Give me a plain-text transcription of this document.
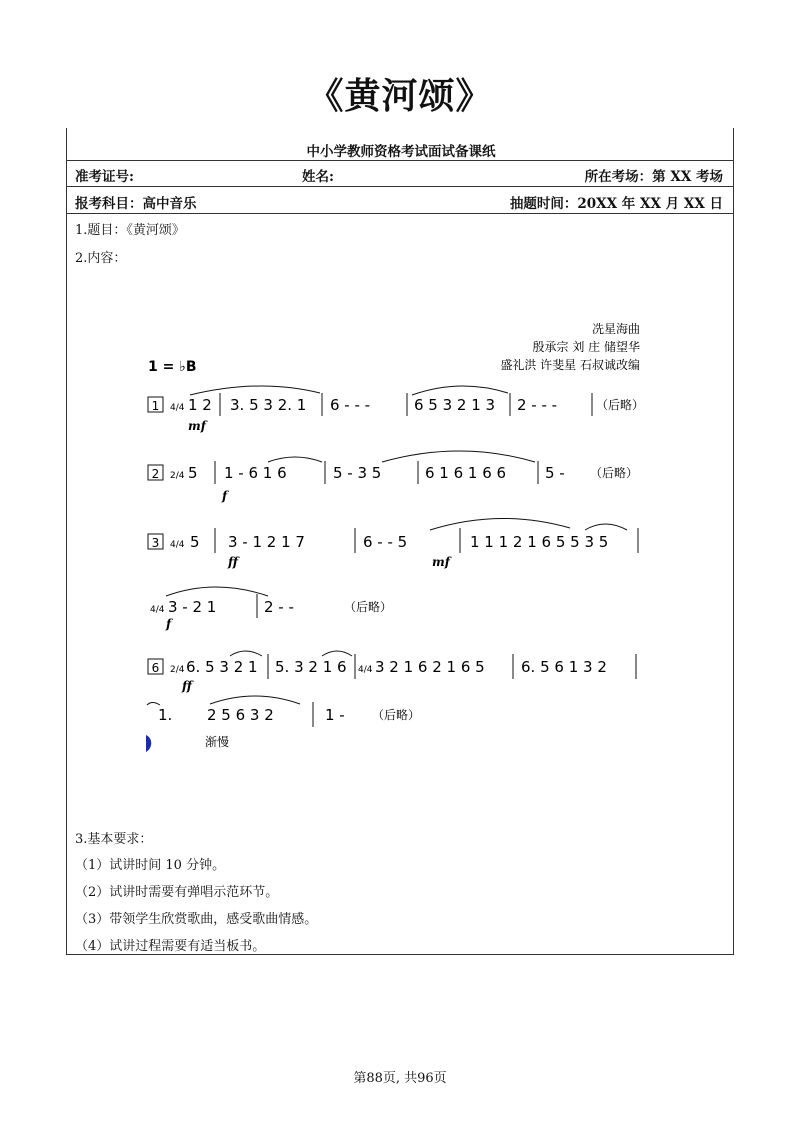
《黄河颂》
中小学教师资格考试面试备课纸
准考证号:	姓名:	所在考场：第 XX 考场
报考科目：高中音乐	抽题时间：20XX 年 XX 月 XX 日
1.题目：《黄河颂》
2.内容：
3.基本要求：
（1）试讲时间 10 分钟。
（2）试讲时需要有弹唱示范环节。
（3）带领学生欣赏歌曲，感受歌曲情感。
（4）试讲过程需要有适当板书。
冼星海曲
殷承宗 刘 庄 储望华
盛礼洪 许斐星 石叔诚改编
1 = ♭B
1 4/4 1 2 3. 5 3 2. 1 6 - - -	6 5 3 2 1 3 2 - - -	（后略）
mf
2 2/4 5 1 - 6 1 6	5 - 3 5	6 1 6 1 6 6	5 - （后略）
f
3 4/4 5 3 - 1 2 1 7	6 - - 5	1 1 1 2 1 6 5 5 3 5
ff	mf
4/4 3 - 2 1	2 - -	（后略）
f
6 2/4 6. 5 3 2 1 5. 3 2 1 6 4/4 3 2 1 6 2 1 6 5 6. 5 6 1 3 2
ff
1. 2 5 6 3 2	1 - （后略）
渐慢
第88页, 共96页
